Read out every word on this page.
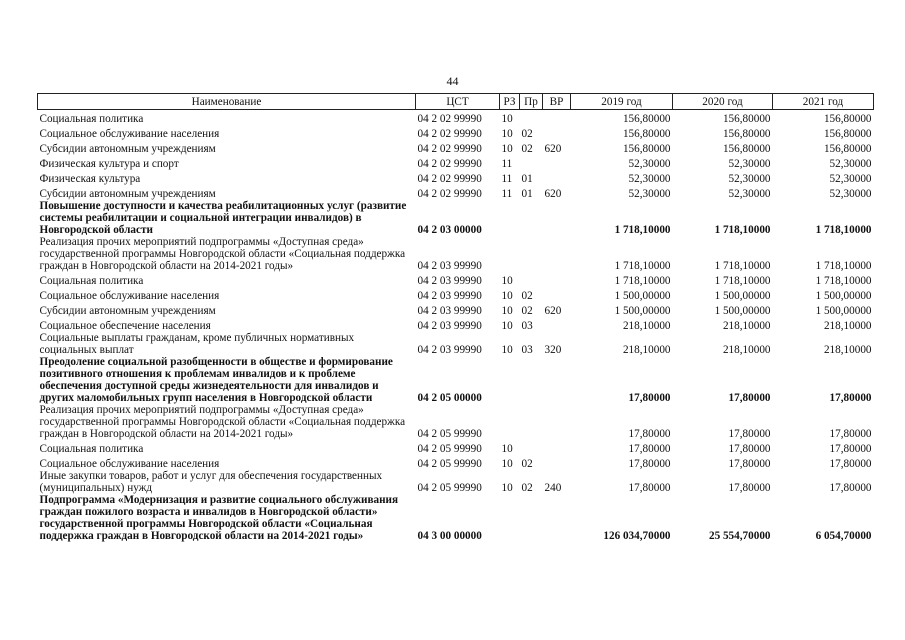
44
Наименование	ЦСТ	РЗ	Пр	ВР	2019 год	2020 год	2021 год
Социальная политика	04 2 02 99990	10			156,80000	156,80000	156,80000
Социальное обслуживание населения	04 2 02 99990	10	02		156,80000	156,80000	156,80000
Субсидии автономным учреждениям	04 2 02 99990	10	02	620	156,80000	156,80000	156,80000
Физическая культура и спорт	04 2 02 99990	11			52,30000	52,30000	52,30000
Физическая культура	04 2 02 99990	11	01		52,30000	52,30000	52,30000
Субсидии автономным учреждениям	04 2 02 99990	11	01	620	52,30000	52,30000	52,30000
Повышение доступности и качества реабилитационных услуг (развитие системы реабилитации и социальной интеграции инвалидов) в Новгородской области	04 2 03 00000				1 718,10000	1 718,10000	1 718,10000
Реализация прочих мероприятий подпрограммы «Доступная среда» государственной программы Новгородской области «Социальная поддержка граждан в Новгородской области на 2014-2021 годы»	04 2 03 99990				1 718,10000	1 718,10000	1 718,10000
Социальная политика	04 2 03 99990	10			1 718,10000	1 718,10000	1 718,10000
Социальное обслуживание населения	04 2 03 99990	10	02		1 500,00000	1 500,00000	1 500,00000
Субсидии автономным учреждениям	04 2 03 99990	10	02	620	1 500,00000	1 500,00000	1 500,00000
Социальное обеспечение населения	04 2 03 99990	10	03		218,10000	218,10000	218,10000
Социальные выплаты гражданам, кроме публичных нормативных социальных выплат	04 2 03 99990	10	03	320	218,10000	218,10000	218,10000
Преодоление социальной разобщенности в обществе и формирование позитивного отношения к проблемам инвалидов и к проблеме обеспечения доступной среды жизнедеятельности для инвалидов и других маломобильных групп населения в Новгородской области	04 2 05 00000				17,80000	17,80000	17,80000
Реализация прочих мероприятий подпрограммы «Доступная среда» государственной программы Новгородской области «Социальная поддержка граждан в Новгородской области на 2014-2021 годы»	04 2 05 99990				17,80000	17,80000	17,80000
Социальная политика	04 2 05 99990	10			17,80000	17,80000	17,80000
Социальное обслуживание населения	04 2 05 99990	10	02		17,80000	17,80000	17,80000
Иные закупки товаров, работ и услуг для обеспечения государственных (муниципальных) нужд	04 2 05 99990	10	02	240	17,80000	17,80000	17,80000
Подпрограмма «Модернизация и развитие социального обслуживания граждан пожилого возраста и инвалидов в Новгородской области» государственной программы Новгородской области «Социальная поддержка граждан в Новгородской области на 2014-2021 годы»	04 3 00 00000				126 034,70000	25 554,70000	6 054,70000
